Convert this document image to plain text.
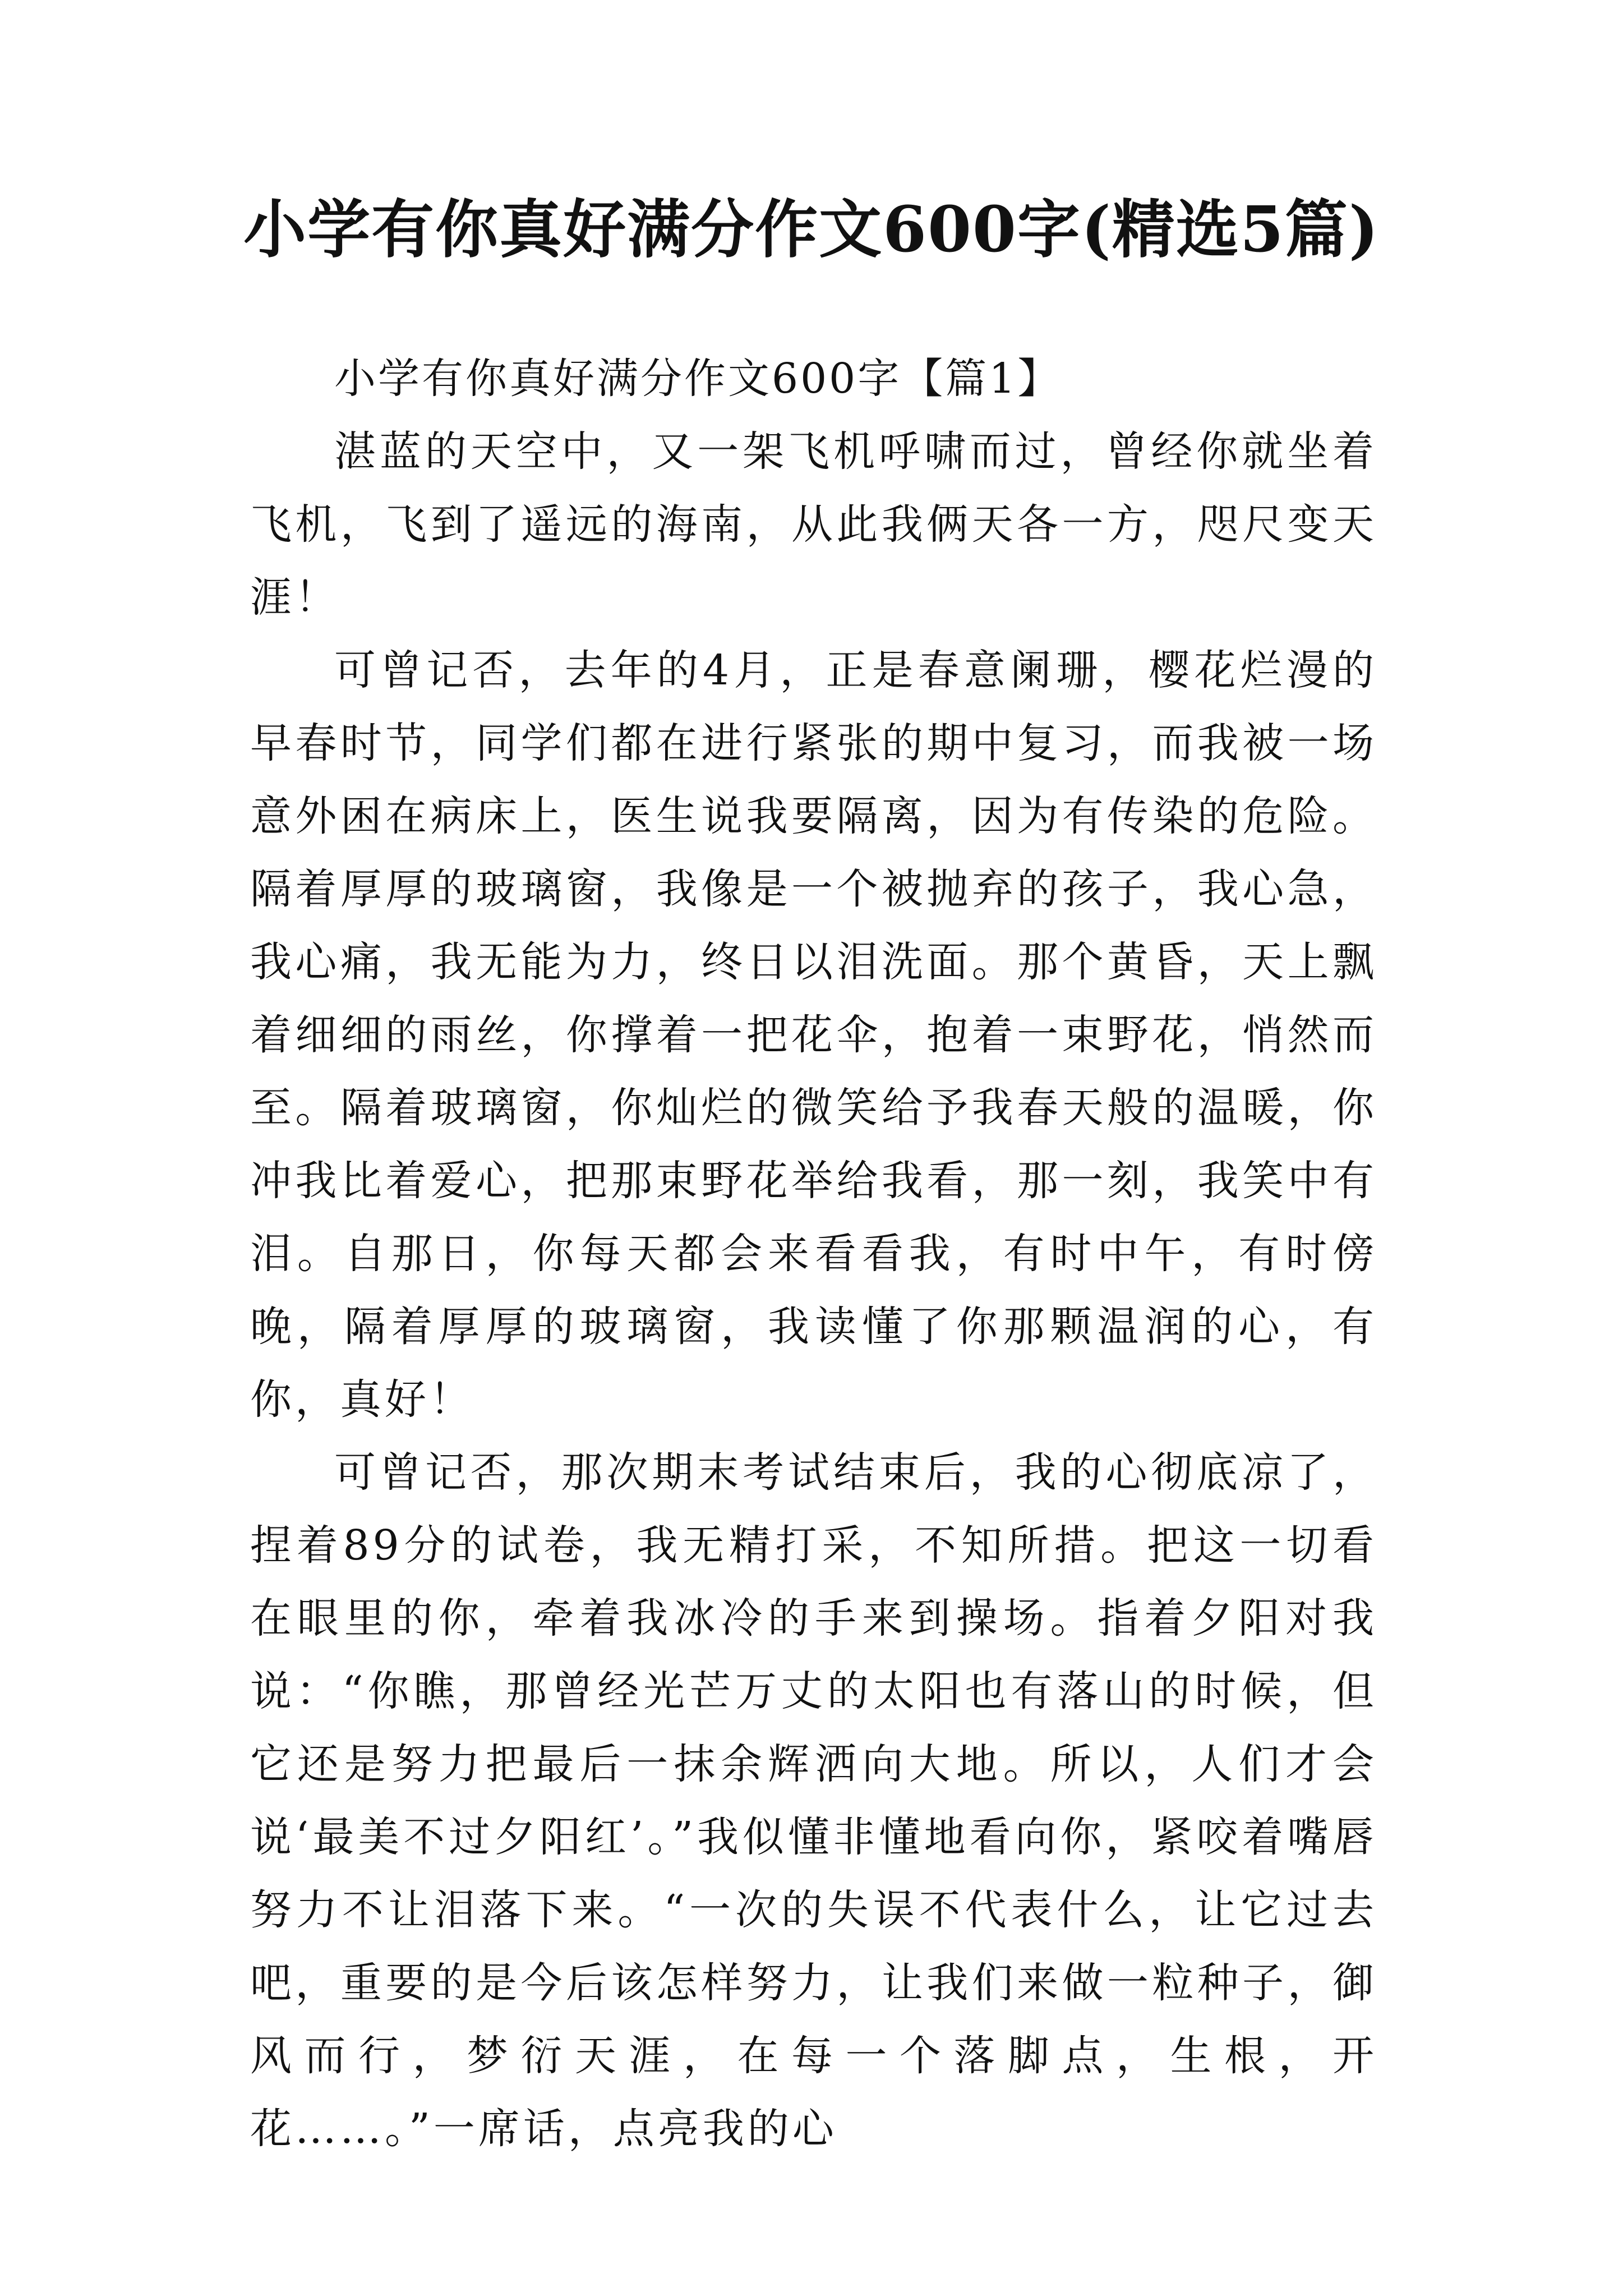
小学有你真好满分作文600字(精选5篇)

小学有你真好满分作文600字【篇1】

湛蓝的天空中，又一架飞机呼啸而过，曾经你就坐着飞机，飞到了遥远的海南，从此我俩天各一方，咫尺变天涯！

可曾记否，去年的4月，正是春意阑珊，樱花烂漫的早春时节，同学们都在进行紧张的期中复习，而我被一场意外困在病床上，医生说我要隔离，因为有传染的危险。隔着厚厚的玻璃窗，我像是一个被抛弃的孩子，我心急，我心痛，我无能为力，终日以泪洗面。那个黄昏，天上飘着细细的雨丝，你撑着一把花伞，抱着一束野花，悄然而至。隔着玻璃窗，你灿烂的微笑给予我春天般的温暖，你冲我比着爱心，把那束野花举给我看，那一刻，我笑中有泪。自那日，你每天都会来看看我，有时中午，有时傍晚，隔着厚厚的玻璃窗，我读懂了你那颗温润的心，有你，真好！

可曾记否，那次期末考试结束后，我的心彻底凉了，捏着89分的试卷，我无精打采，不知所措。把这一切看在眼里的你，牵着我冰冷的手来到操场。指着夕阳对我说：“你瞧，那曾经光芒万丈的太阳也有落山的时候，但它还是努力把最后一抹余辉洒向大地。所以，人们才会说‘最美不过夕阳红’。”我似懂非懂地看向你，紧咬着嘴唇努力不让泪落下来。“一次的失误不代表什么，让它过去吧，重要的是今后该怎样努力，让我们来做一粒种子，御风而行，梦衍天涯，在每一个落脚点，生根，开花……。”一席话，点亮我的心
